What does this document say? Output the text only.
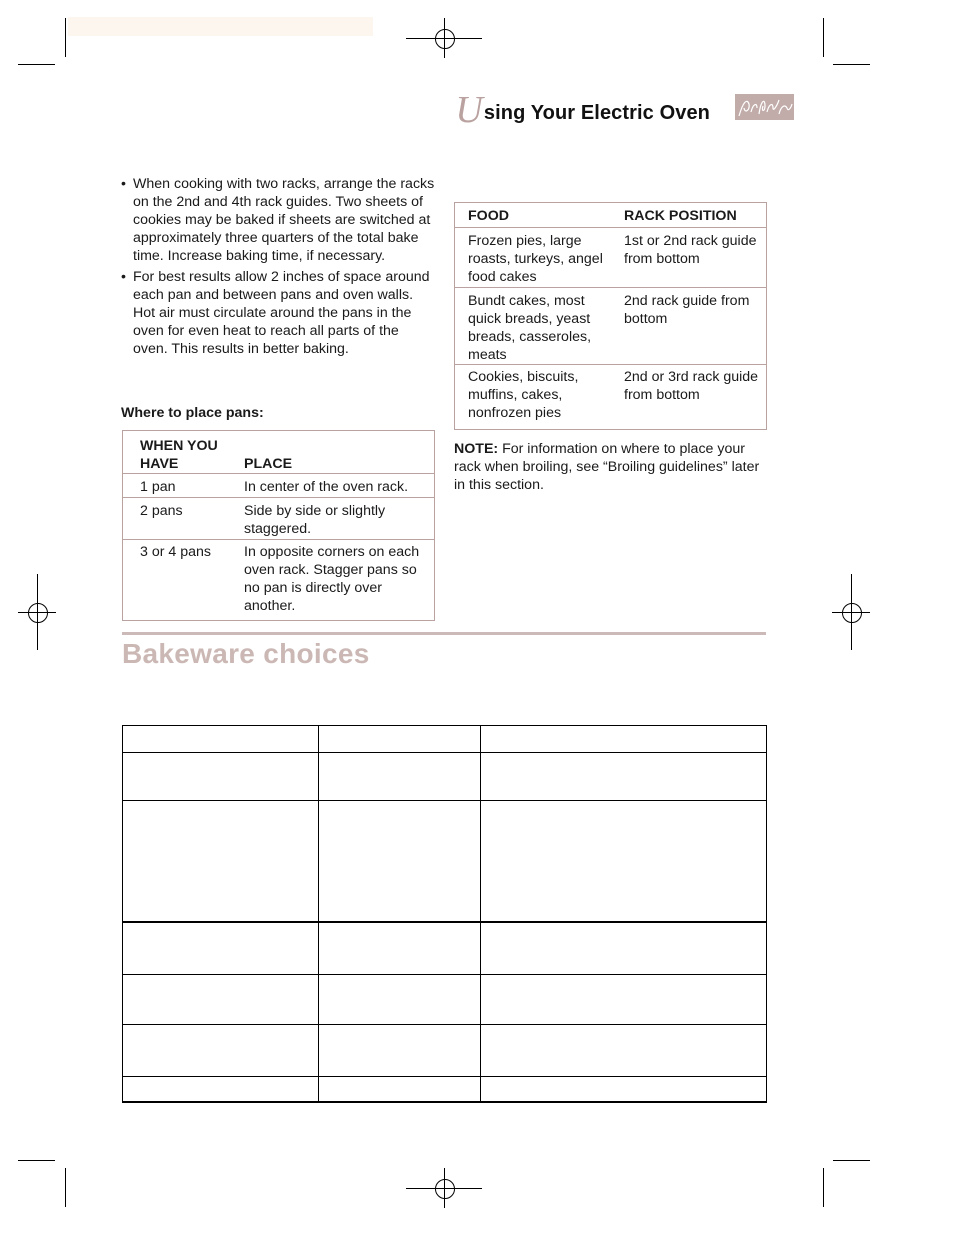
Using Your Electric Oven
• When cooking with two racks, arrange the racks on the 2nd and 4th rack guides. Two sheets of cookies may be baked if sheets are switched at approximately three quarters of the total bake time. Increase baking time, if necessary.
• For best results allow 2 inches of space around each pan and between pans and oven walls. Hot air must circulate around the pans in the oven for even heat to reach all parts of the oven. This results in better baking.
Where to place pans:
WHEN YOU HAVE	PLACE
1 pan	In center of the oven rack.
2 pans	Side by side or slightly staggered.
3 or 4 pans	In opposite corners on each oven rack. Stagger pans so no pan is directly over another.
FOOD	RACK POSITION
Frozen pies, large roasts, turkeys, angel food cakes	1st or 2nd rack guide from bottom
Bundt cakes, most quick breads, yeast breads, casseroles, meats	2nd rack guide from bottom
Cookies, biscuits, muffins, cakes, nonfrozen pies	2nd or 3rd rack guide from bottom
NOTE: For information on where to place your rack when broiling, see “Broiling guidelines” later in this section.
Bakeware choices
